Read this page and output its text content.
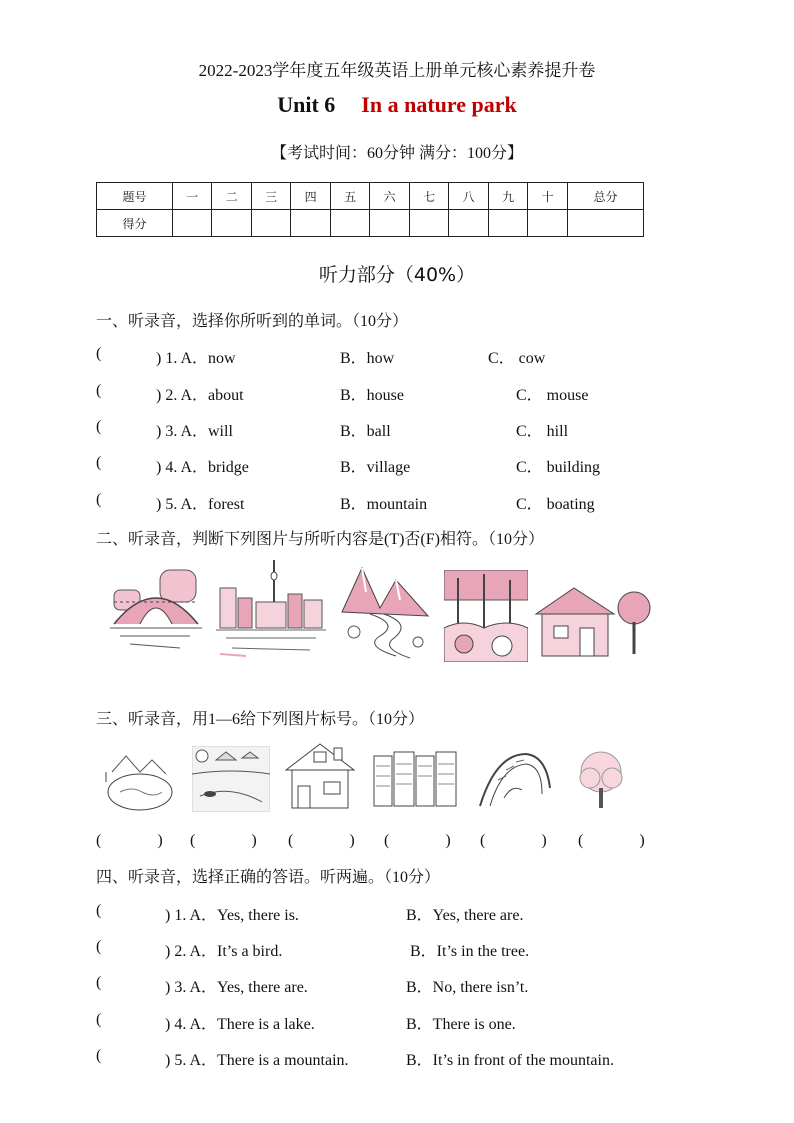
2022-2023学年度五年级英语上册单元核心素养提升卷
Unit 6 In a nature park
【考试时间：60分钟 满分：100分】
题号	一	二	三	四	五	六	七	八	九	十	总分
得分											
听力部分（40%）
一、听录音，选择你所听到的单词。（10分）
(	) 1. A．now	B．how	C． cow
(	) 2. A．about	B．house	C． mouse
(	) 3. A．will	B．ball	C． hill
(	) 4. A．bridge	B．village	C． building
(	) 5. A．forest	B．mountain	C． boating
二、听录音，判断下列图片与所听内容是(T)否(F)相符。（10分）
三、听录音，用1—6给下列图片标号。（10分）
(              ) (              ) (              ) (              ) (              ) (              )
四、听录音，选择正确的答语。听两遍。（10分）
(	) 1. A．Yes, there is.	B．Yes, there are.
(	) 2. A．It’s a bird.	B．It’s in the tree.
(	) 3. A．Yes, there are.	B．No, there isn’t.
(	) 4. A．There is a lake.	B．There is one.
(	) 5. A．There is a mountain.	B．It’s in front of the mountain.
